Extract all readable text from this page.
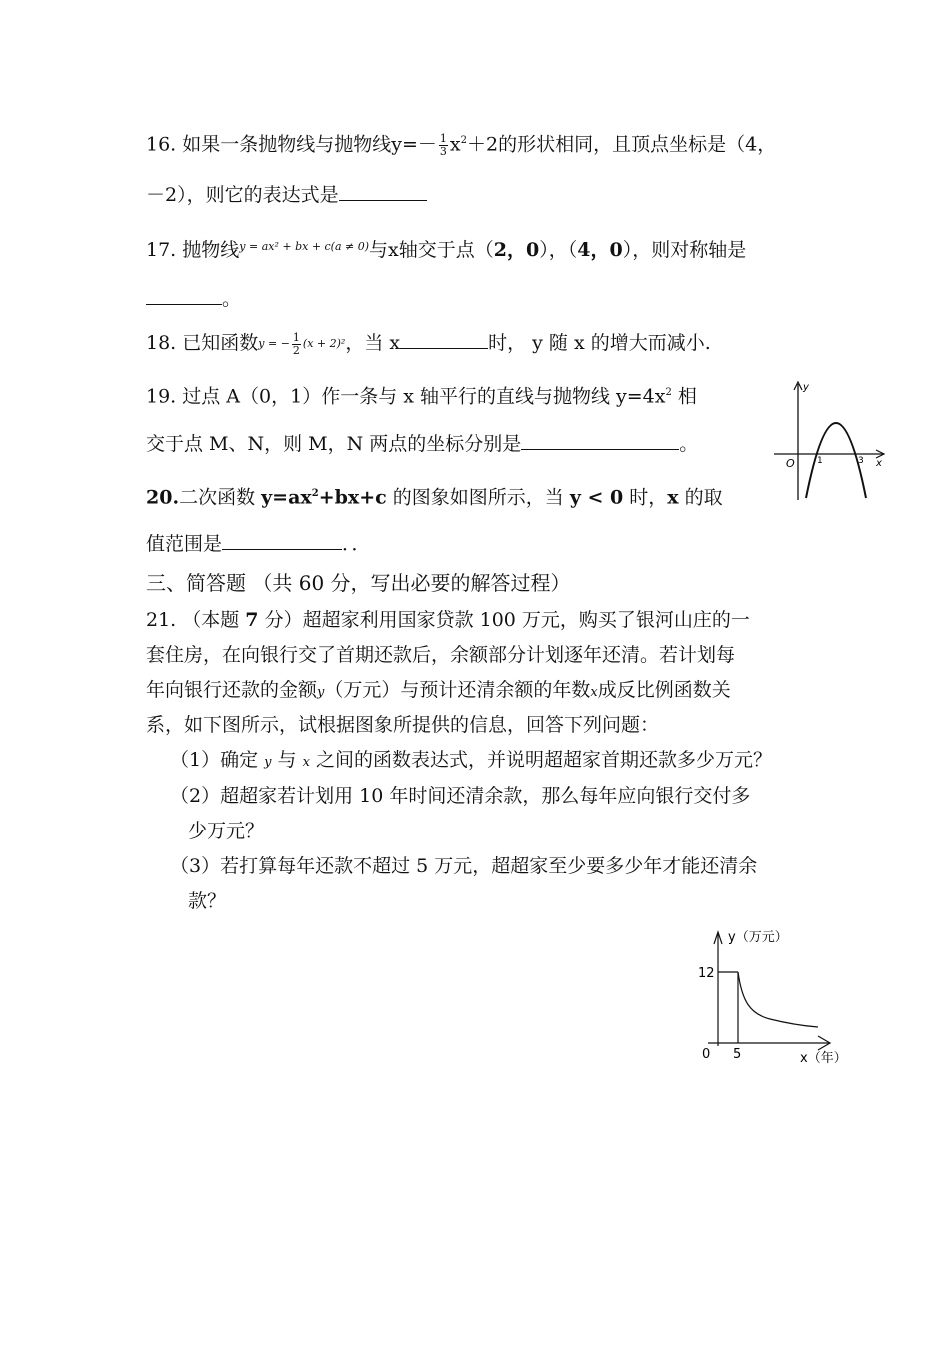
16. 如果一条抛物线与抛物线$y=- \frac{1}{3} x^2+2$的形状相同，且顶点坐标是（4，
－2），则它的表达式是
17. 抛物线$^{y = ax^2 + bx + c(a \ne 0)}$与x轴交于点（2，0），（4，0），则对称轴是
。
18. 已知函数y = − $\frac{1}{2} (x + 2)^2$，当 x	时， y 随 x 的增大而减小.
19. 过点 A（0，1）作一条与 x 轴平行的直线与抛物线 $y=4x^2$ 相
交于点 M、N，则 M，N 两点的坐标分别是	。
20.二次函数 $y=ax^2+bx+c$ 的图象如图所示，当 y < 0 时，x 的取
值范围是	．．
y
x
O 1	3
三、简答题 （共 60 分，写出必要的解答过程）
21. （本题 7 分）超超家利用国家贷款 100 万元，购买了银河山庄的一
套住房，在向银行交了首期还款后，余额部分计划逐年还清。若计划每
年向银行还款的金额y（万元）与预计还清余额的年数x成反比例函数关
系，如下图所示，试根据图象所提供的信息，回答下列问题：
（1）确定 y 与 x 之间的函数表达式，并说明超超家首期还款多少万元？
（2）超超家若计划用 10 年时间还清余款，那么每年应向银行交付多
少万元？
（3）若打算每年还款不超过 5 万元，超超家至少要多少年才能还清余
款？
y（万元）
x（年）
0
12
5
